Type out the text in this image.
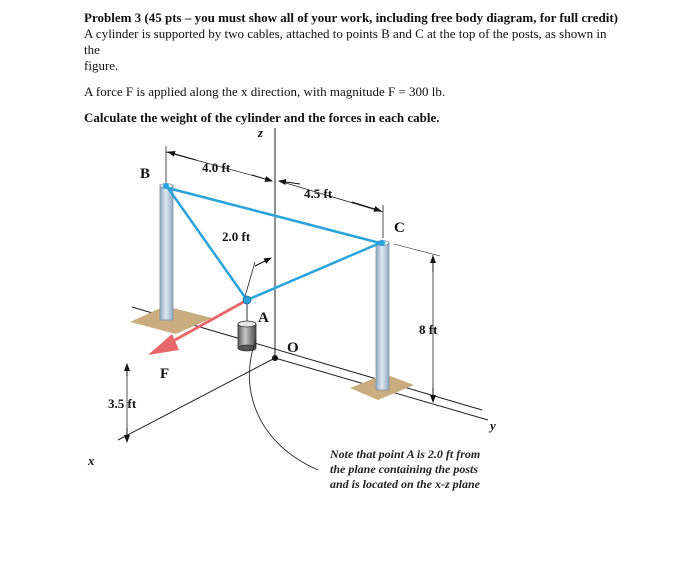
Problem 3 (45 pts – you must show all of your work, including free body diagram, for full credit)

A cylinder is supported by two cables, attached to points B and C at the top of the posts, as shown in the

figure.

A force F is applied along the x direction, with magnitude F = 300 lb.

Calculate the weight of the cylinder and the forces in each cable.

z
x
y
B
C
A
O
F
4.0 ft
4.5 ft
2.0 ft
8 ft
3.5 ft
Note that point A is 2.0 ft from
the plane containing the posts
and is located on the x-z plane
